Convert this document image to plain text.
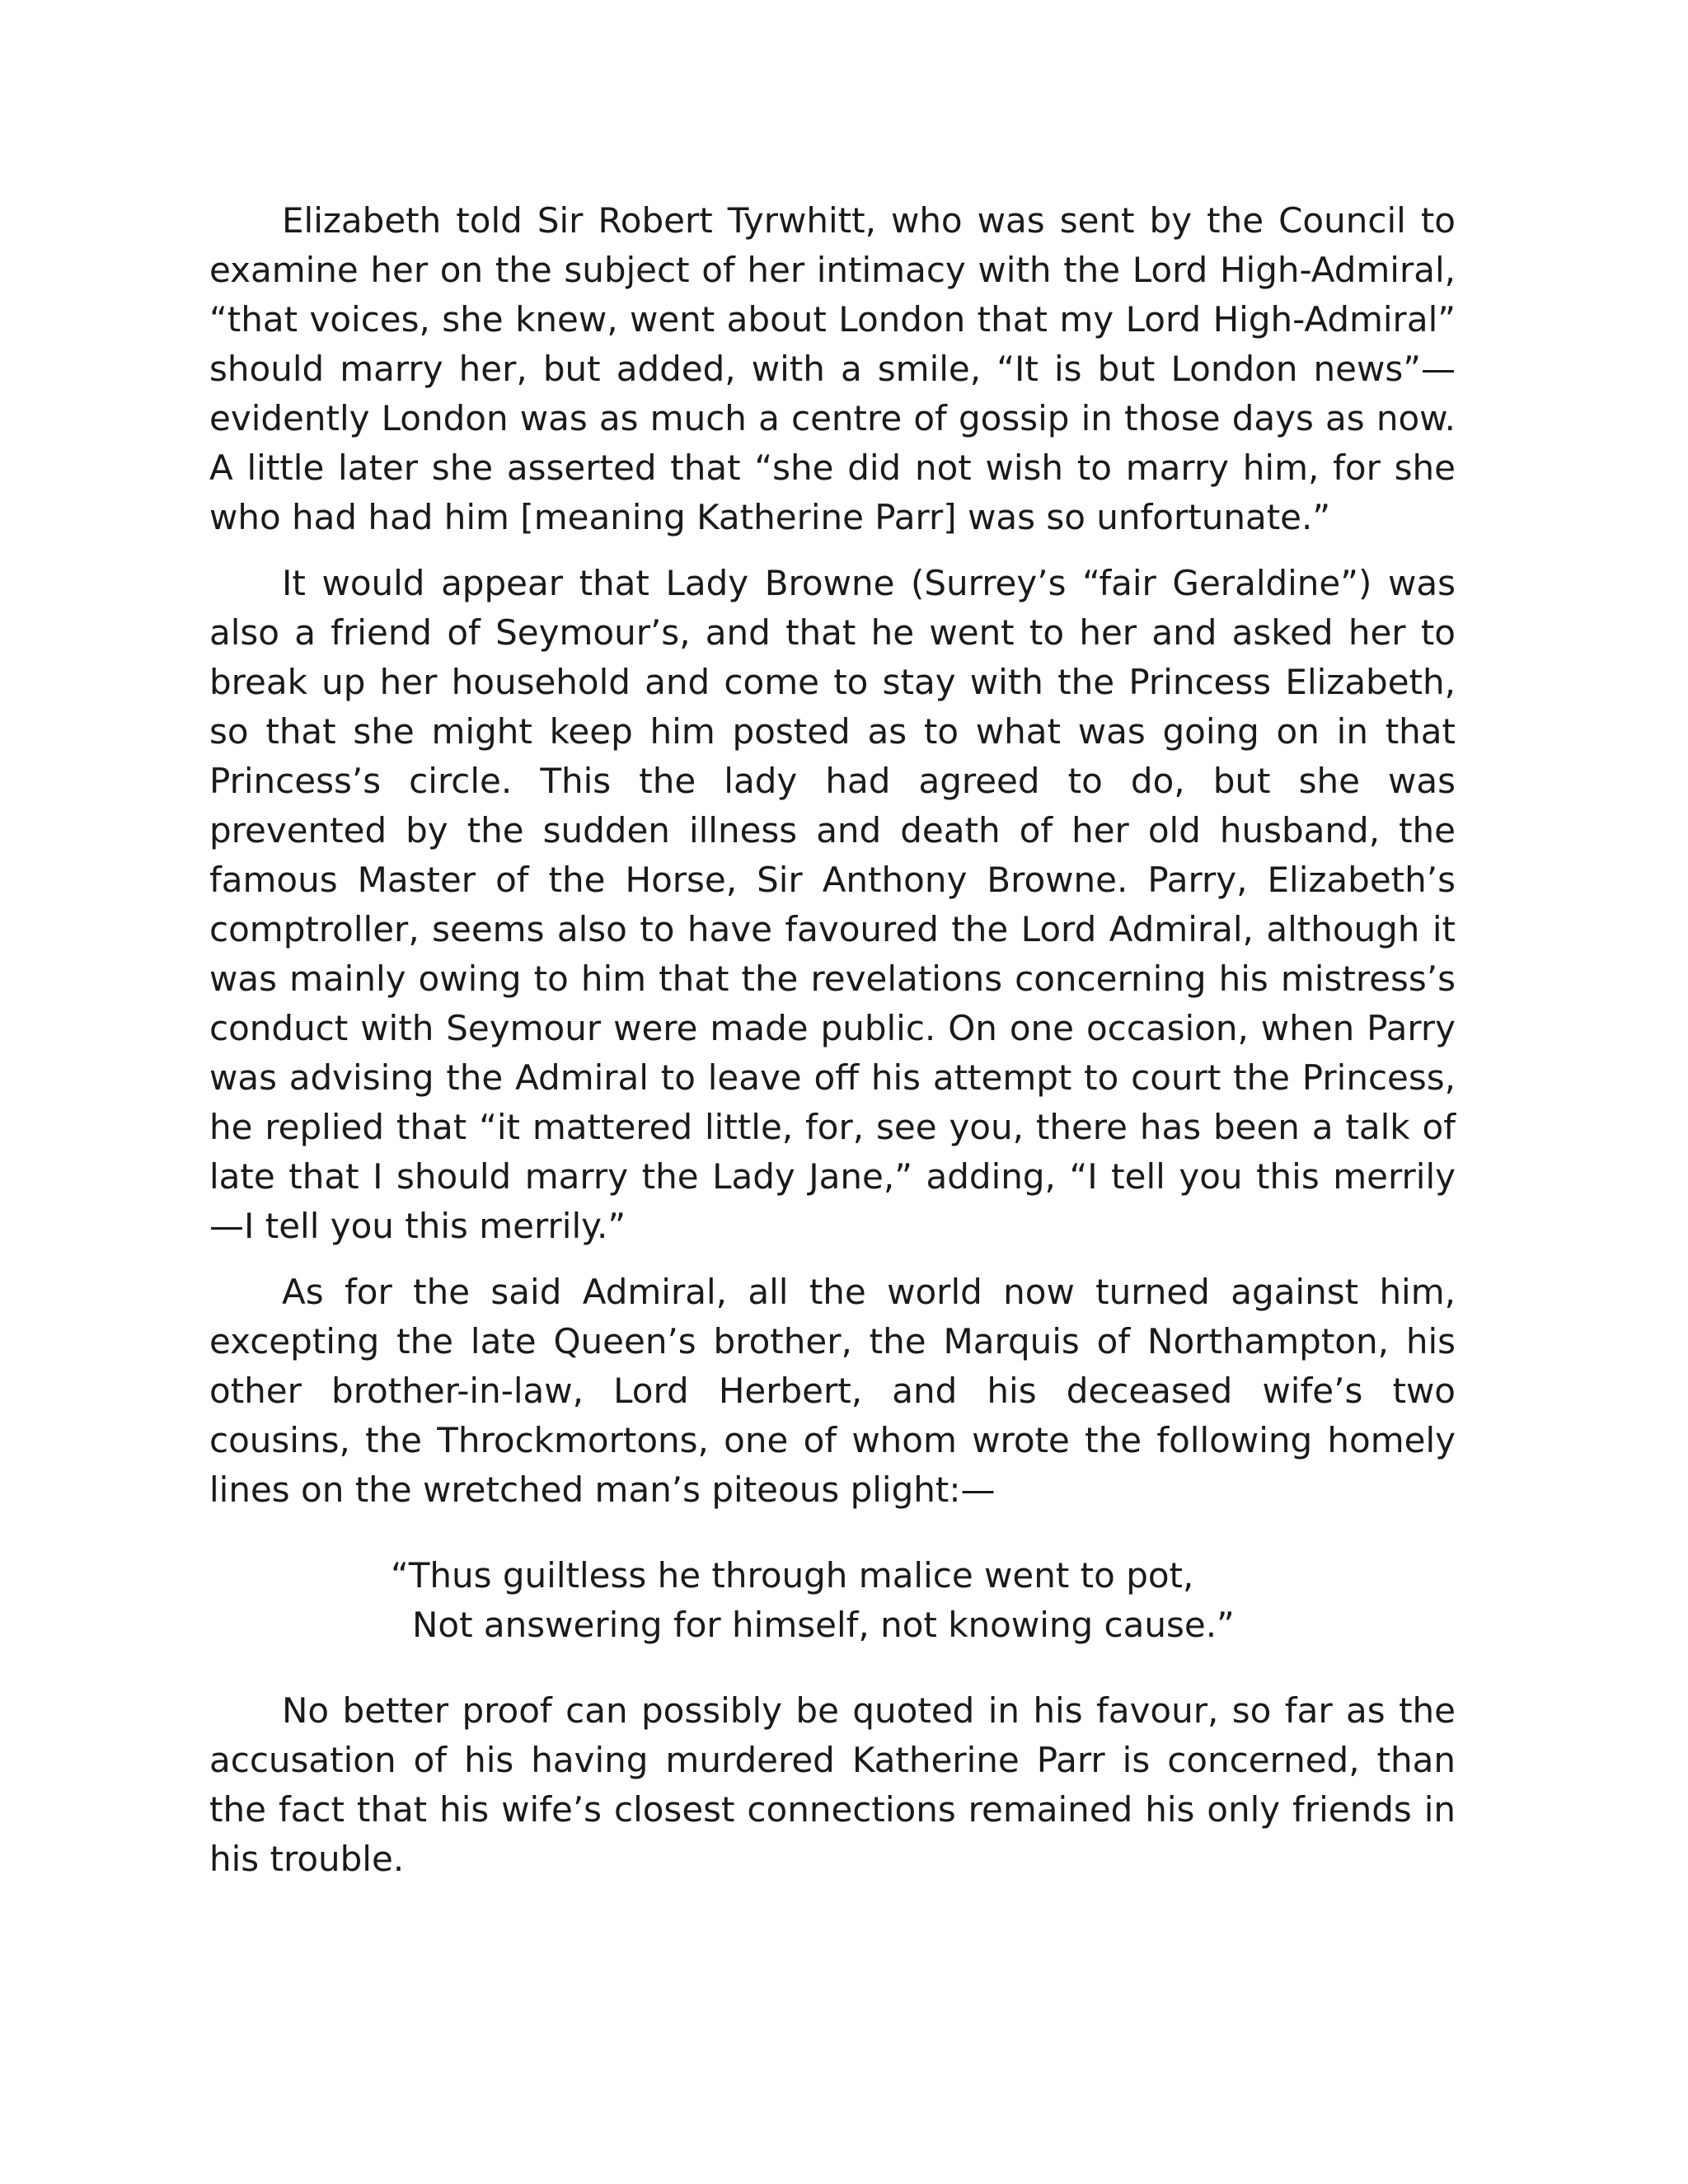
Elizabeth told Sir Robert Tyrwhitt, who was sent by the Council to examine her on the subject of her intimacy with the Lord High-Admiral, “that voices, she knew, went about London that my Lord High-Admiral” should marry her, but added, with a smile, “It is but London news”—evidently London was as much a centre of gossip in those days as now. A little later she asserted that “she did not wish to marry him, for she who had had him [meaning Katherine Parr] was so unfortunate.”

It would appear that Lady Browne (Surrey’s “fair Geraldine”) was also a friend of Seymour’s, and that he went to her and asked her to break up her household and come to stay with the Princess Elizabeth, so that she might keep him posted as to what was going on in that Princess’s circle. This the lady had agreed to do, but she was prevented by the sudden illness and death of her old husband, the famous Master of the Horse, Sir Anthony Browne. Parry, Elizabeth’s comptroller, seems also to have favoured the Lord Admiral, although it was mainly owing to him that the revelations concerning his mistress’s conduct with Seymour were made public. On one occasion, when Parry was advising the Admiral to leave off his attempt to court the Princess, he replied that “it mattered little, for, see you, there has been a talk of late that I should marry the Lady Jane,” adding, “I tell you this merrily—I tell you this merrily.”

As for the said Admiral, all the world now turned against him, excepting the late Queen’s brother, the Marquis of Northampton, his other brother-in-law, Lord Herbert, and his deceased wife’s two cousins, the Throckmortons, one of whom wrote the following homely lines on the wretched man’s piteous plight:—

“Thus guiltless he through malice went to pot,
Not answering for himself, not knowing cause.”

No better proof can possibly be quoted in his favour, so far as the accusation of his having murdered Katherine Parr is concerned, than the fact that his wife’s closest connections remained his only friends in his trouble.
